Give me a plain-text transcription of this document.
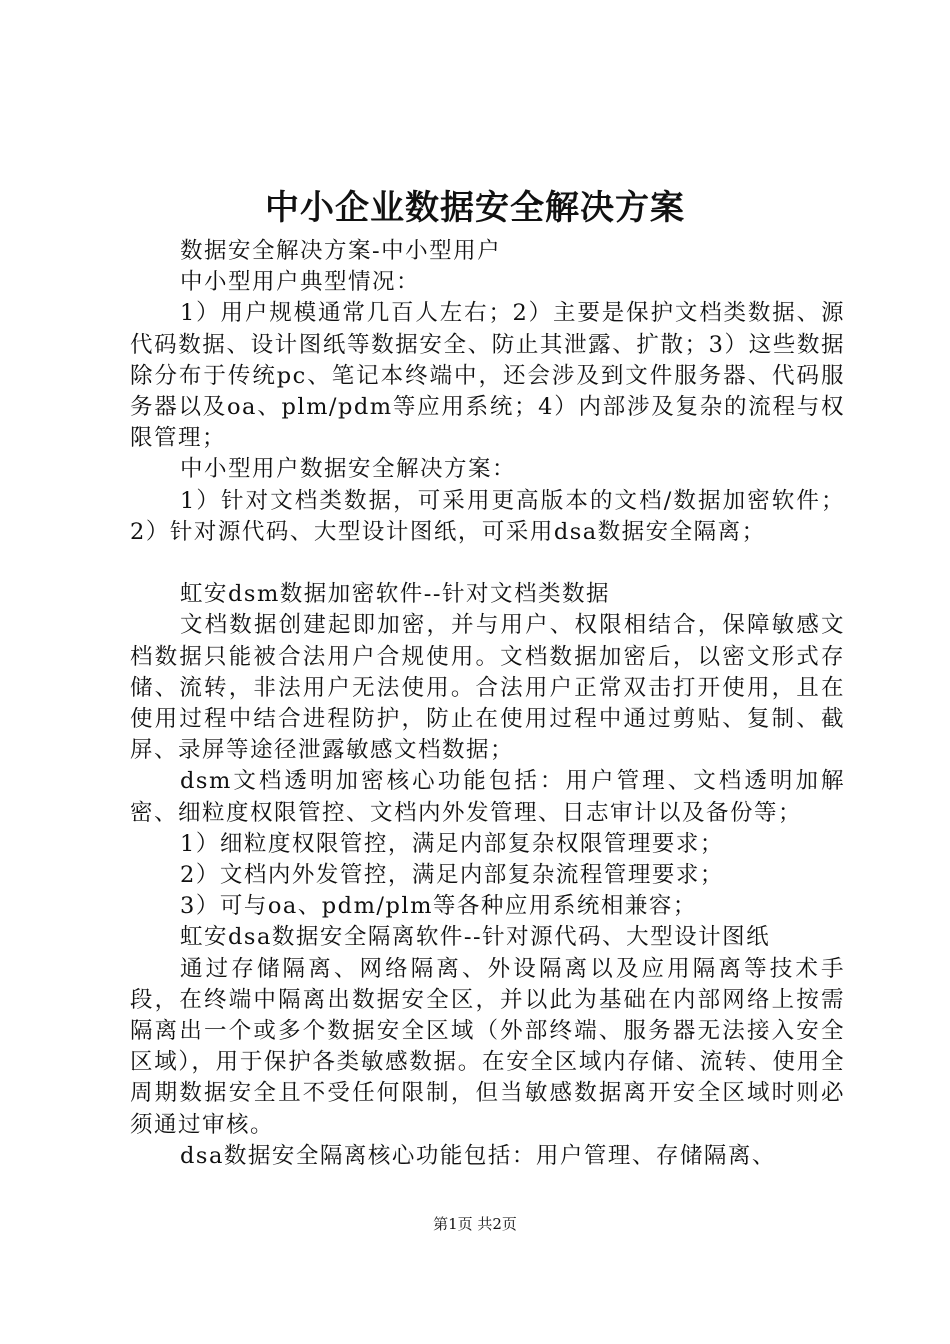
中小企业数据安全解决方案

数据安全解决方案-中小型用户

中小型用户典型情况：

1）用户规模通常几百人左右；2）主要是保护文档类数据、源代码数据、设计图纸等数据安全、防止其泄露、扩散；3）这些数据除分布于传统pc、笔记本终端中，还会涉及到文件服务器、代码服务器以及oa、plm/pdm等应用系统；4）内部涉及复杂的流程与权限管理；

中小型用户数据安全解决方案：

1）针对文档类数据，可采用更高版本的文档/数据加密软件；2）针对源代码、大型设计图纸，可采用dsa数据安全隔离；

虹安dsm数据加密软件--针对文档类数据

文档数据创建起即加密，并与用户、权限相结合，保障敏感文档数据只能被合法用户合规使用。文档数据加密后，以密文形式存储、流转，非法用户无法使用。合法用户正常双击打开使用，且在使用过程中结合进程防护，防止在使用过程中通过剪贴、复制、截屏、录屏等途径泄露敏感文档数据；

dsm文档透明加密核心功能包括：用户管理、文档透明加解密、细粒度权限管控、文档内外发管理、日志审计以及备份等；

1）细粒度权限管控，满足内部复杂权限管理要求；

2）文档内外发管控，满足内部复杂流程管理要求；

3）可与oa、pdm/plm等各种应用系统相兼容；

虹安dsa数据安全隔离软件--针对源代码、大型设计图纸

通过存储隔离、网络隔离、外设隔离以及应用隔离等技术手段，在终端中隔离出数据安全区，并以此为基础在内部网络上按需隔离出一个或多个数据安全区域（外部终端、服务器无法接入安全区域），用于保护各类敏感数据。在安全区域内存储、流转、使用全周期数据安全且不受任何限制，但当敏感数据离开安全区域时则必须通过审核。

dsa数据安全隔离核心功能包括：用户管理、存储隔离、

第1页 共2页
